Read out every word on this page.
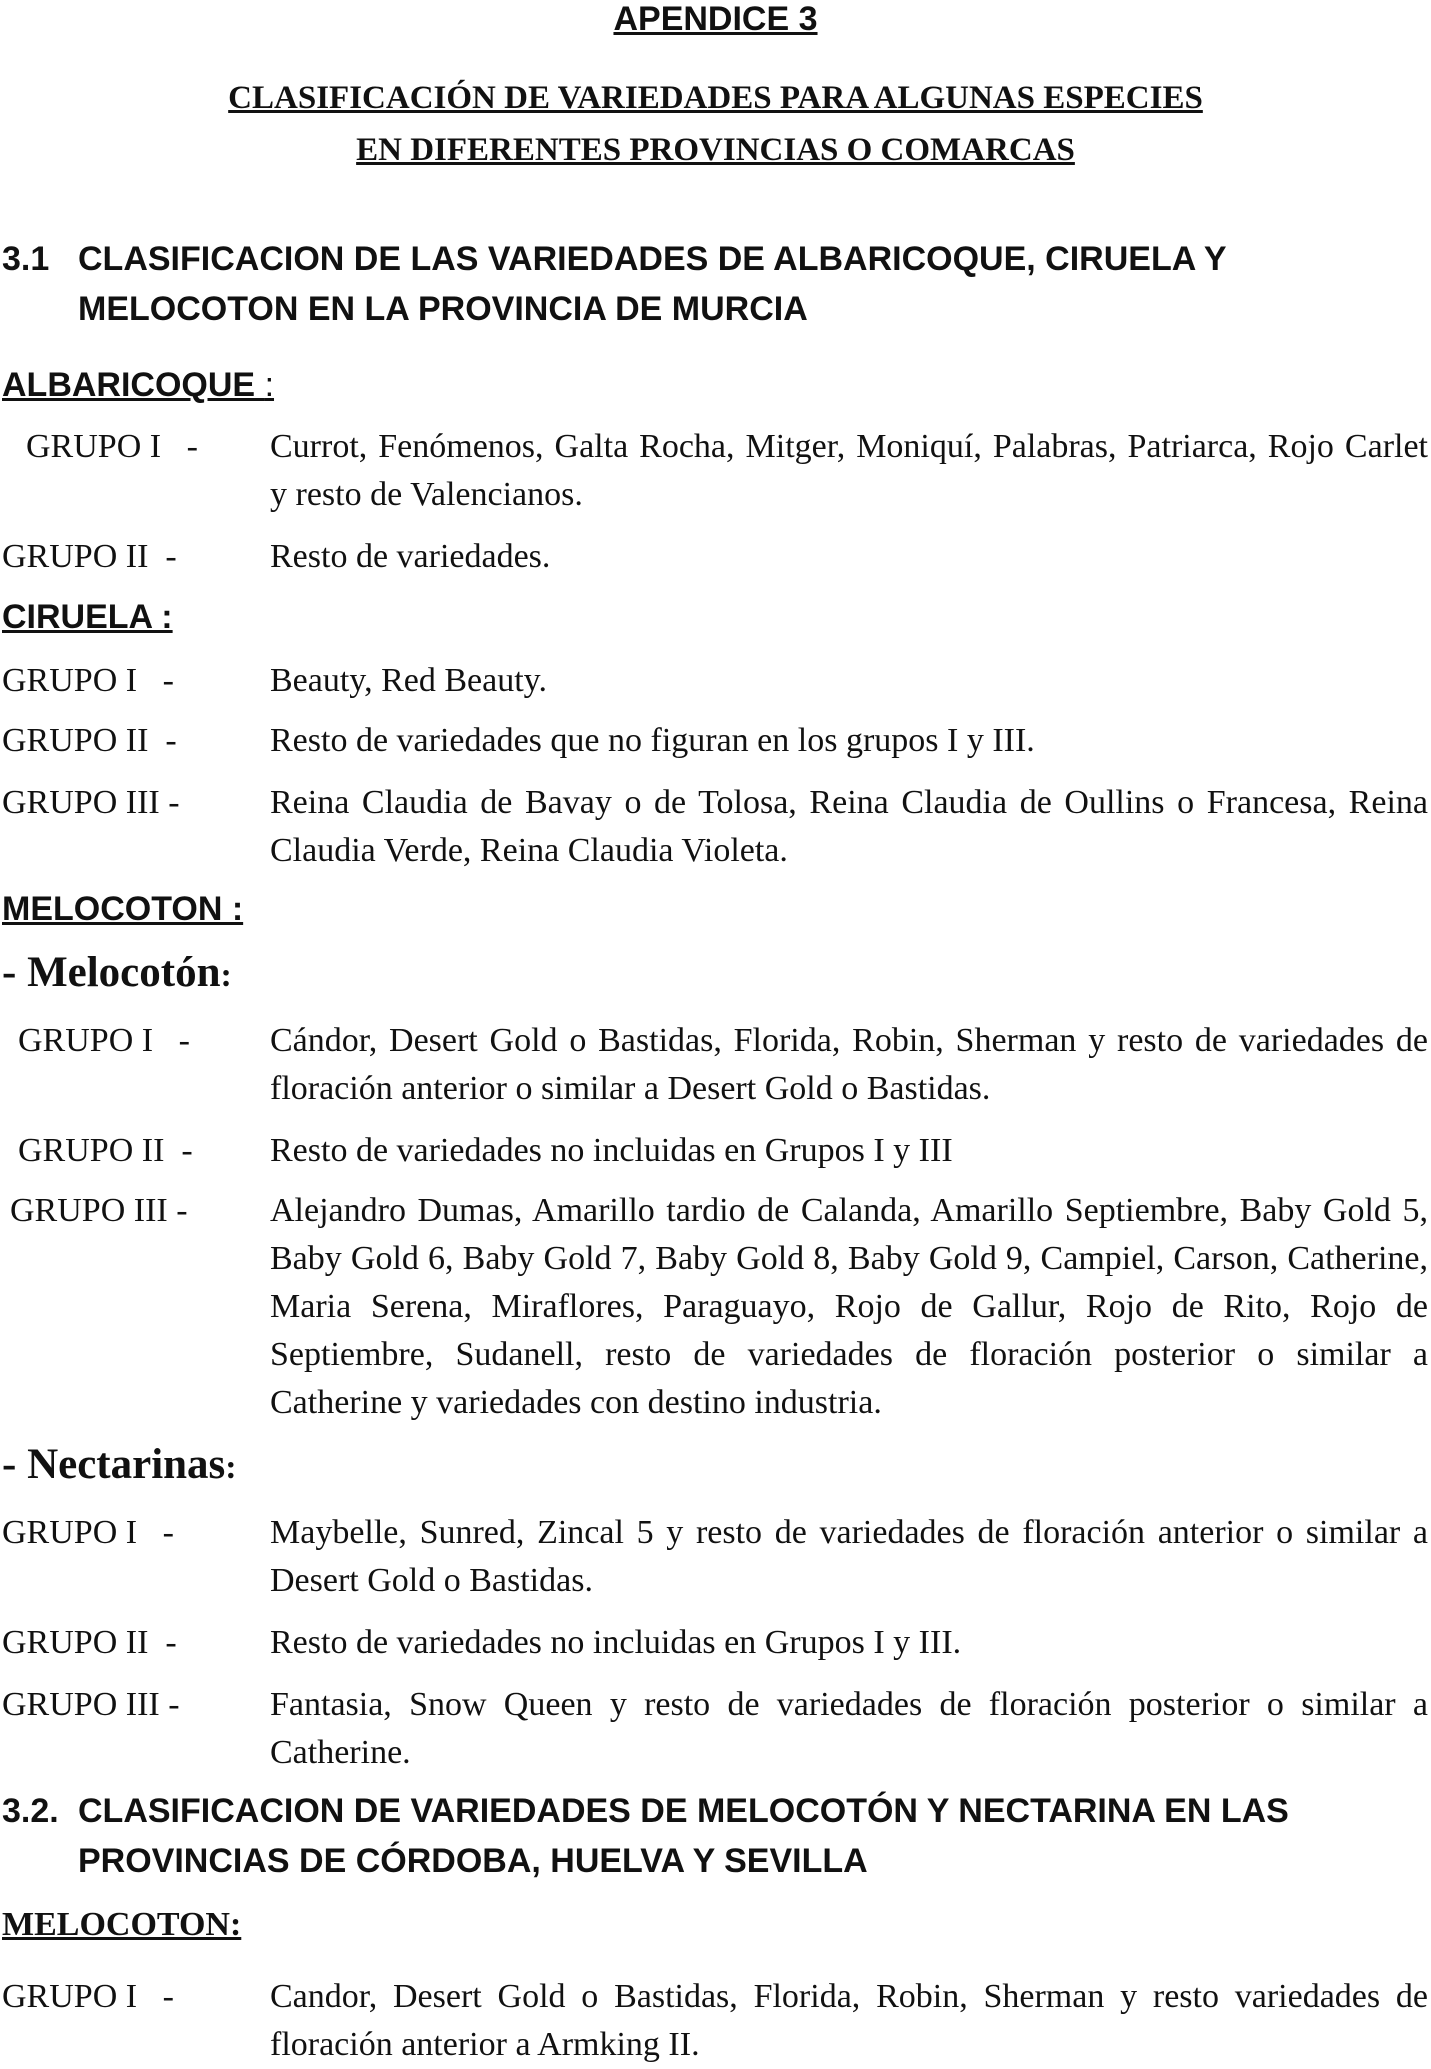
APENDICE 3
CLASIFICACIÓN DE VARIEDADES PARA ALGUNAS ESPECIES
EN DIFERENTES PROVINCIAS O COMARCAS
3.1 CLASIFICACION DE LAS VARIEDADES DE ALBARICOQUE, CIRUELA Y MELOCOTON EN LA PROVINCIA DE MURCIA
ALBARICOQUE :
GRUPO I   - Currot, Fenómenos, Galta Rocha, Mitger, Moniquí, Palabras, Patriarca, Rojo Carlet y resto de Valencianos.
GRUPO II  -	Resto de variedades.
CIRUELA :
GRUPO I   -	Beauty, Red Beauty.
GRUPO II  -	Resto de variedades que no figuran en los grupos I y III.
GRUPO III -	Reina Claudia de Bavay o de Tolosa, Reina Claudia de Oullins o Francesa, Reina Claudia Verde, Reina Claudia Violeta.
MELOCOTON :
- Melocotón:
GRUPO I   - Cándor, Desert Gold o Bastidas, Florida, Robin, Sherman y resto de variedades de floración anterior o similar a Desert Gold o Bastidas.
GRUPO II  - Resto de variedades no incluidas en Grupos I y III
GRUPO III - Alejandro Dumas, Amarillo tardio de Calanda, Amarillo Septiembre, Baby Gold 5, Baby Gold 6, Baby Gold 7, Baby Gold 8, Baby Gold 9, Campiel, Carson, Catherine, Maria Serena, Miraflores, Paraguayo, Rojo de Gallur, Rojo de Rito, Rojo de Septiembre, Sudanell, resto de variedades de floración posterior o similar a Catherine y variedades con destino industria.
- Nectarinas:
GRUPO I   -	Maybelle, Sunred, Zincal 5 y resto de variedades de floración anterior o similar a Desert Gold o Bastidas.
GRUPO II  -	Resto de variedades no incluidas en Grupos I y III.
GRUPO III -	Fantasia, Snow Queen y resto de variedades de floración posterior o similar a Catherine.
3.2. CLASIFICACION DE VARIEDADES DE MELOCOTÓN Y NECTARINA EN LAS PROVINCIAS DE CÓRDOBA, HUELVA Y SEVILLA
MELOCOTON:
GRUPO I   -	Candor, Desert Gold o Bastidas, Florida, Robin, Sherman y resto variedades de floración anterior a Armking II.
